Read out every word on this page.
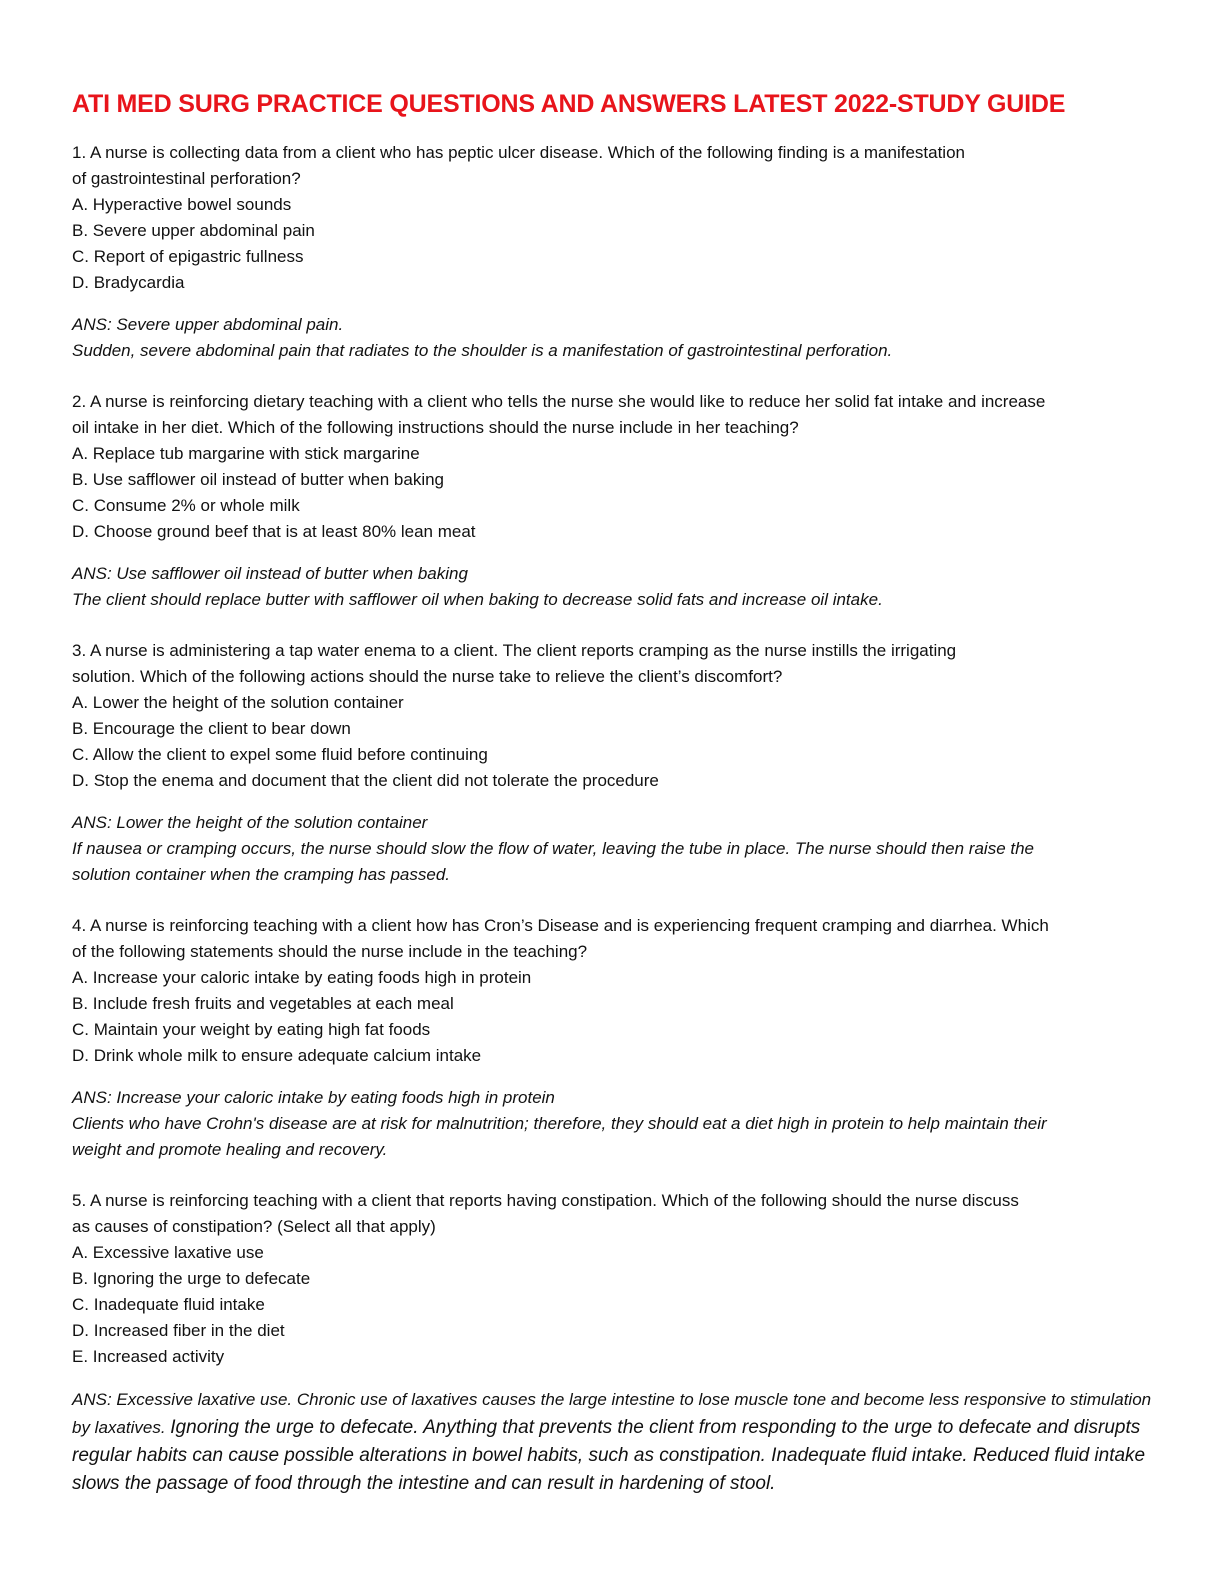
ATI MED SURG PRACTICE QUESTIONS AND ANSWERS LATEST 2022-STUDY GUIDE

1. A nurse is collecting data from a client who has peptic ulcer disease. Which of the following finding is a manifestation
of gastrointestinal perforation?

A. Hyperactive bowel sounds
B. Severe upper abdominal pain
C. Report of epigastric fullness
D. Bradycardia
ANS: Severe upper abdominal pain.
Sudden, severe abdominal pain that radiates to the shoulder is a manifestation of gastrointestinal perforation.

2. A nurse is reinforcing dietary teaching with a client who tells the nurse she would like to reduce her solid fat intake and increase
oil intake in her diet. Which of the following instructions should the nurse include in her teaching?

A. Replace tub margarine with stick margarine
B. Use safflower oil instead of butter when baking
C. Consume 2% or whole milk
D. Choose ground beef that is at least 80% lean meat
ANS: Use safflower oil instead of butter when baking
The client should replace butter with safflower oil when baking to decrease solid fats and increase oil intake.

3. A nurse is administering a tap water enema to a client. The client reports cramping as the nurse instills the irrigating
solution. Which of the following actions should the nurse take to relieve the client’s discomfort?

A. Lower the height of the solution container
B. Encourage the client to bear down
C. Allow the client to expel some fluid before continuing
D. Stop the enema and document that the client did not tolerate the procedure
ANS: Lower the height of the solution container
If nausea or cramping occurs, the nurse should slow the flow of water, leaving the tube in place. The nurse should then raise the
solution container when the cramping has passed.

4. A nurse is reinforcing teaching with a client how has Cron’s Disease and is experiencing frequent cramping and diarrhea. Which
of the following statements should the nurse include in the teaching?

A. Increase your caloric intake by eating foods high in protein
B. Include fresh fruits and vegetables at each meal
C. Maintain your weight by eating high fat foods
D. Drink whole milk to ensure adequate calcium intake
ANS: Increase your caloric intake by eating foods high in protein
Clients who have Crohn's disease are at risk for malnutrition; therefore, they should eat a diet high in protein to help maintain their
weight and promote healing and recovery.

5. A nurse is reinforcing teaching with a client that reports having constipation. Which of the following should the nurse discuss
as causes of constipation? (Select all that apply)

A. Excessive laxative use
B. Ignoring the urge to defecate
C. Inadequate fluid intake
D. Increased fiber in the diet
E. Increased activity
ANS: Excessive laxative use. Chronic use of laxatives causes the large intestine to lose muscle tone and become less responsive to stimulation by laxatives. Ignoring the urge to defecate. Anything that prevents the client from responding to the urge to defecate and disrupts regular habits can cause possible alterations in bowel habits, such as constipation. Inadequate fluid intake. Reduced fluid intake slows the passage of food through the intestine and can result in hardening of stool.
